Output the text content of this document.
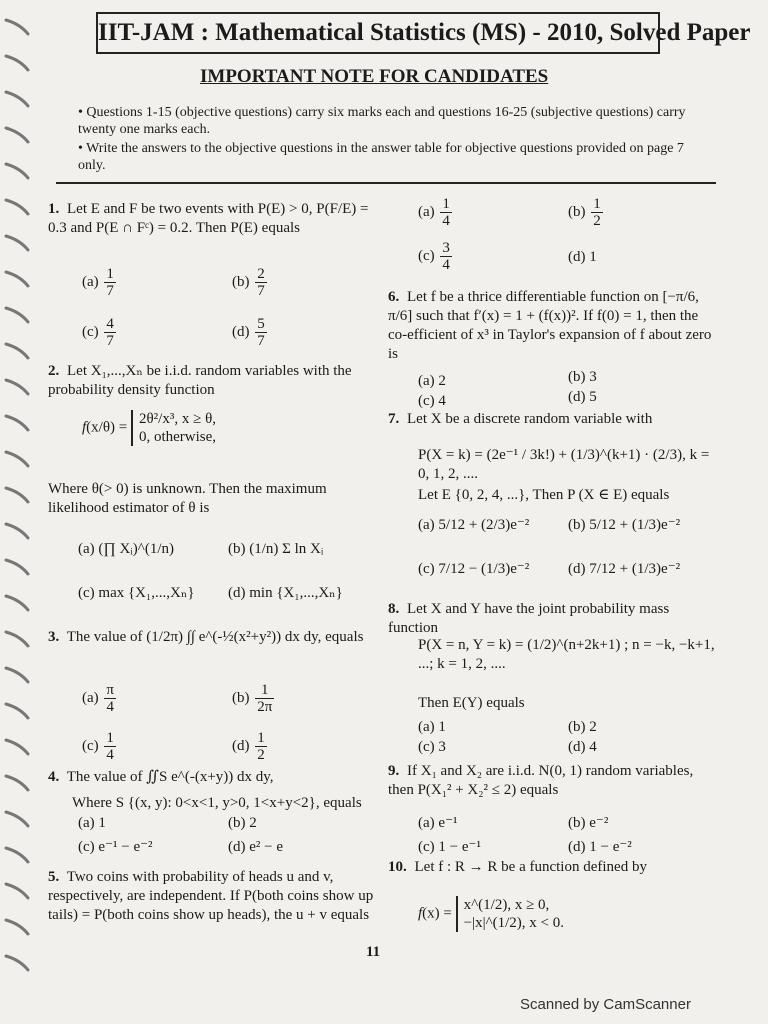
IIT-JAM : Mathematical Statistics (MS) - 2010, Solved Paper
IMPORTANT NOTE FOR CANDIDATES
• Questions 1-15 (objective questions) carry six marks each and questions 16-25 (subjective questions) carry twenty one marks each.
• Write the answers to the objective questions in the answer table for objective questions provided on page 7 only.
1. Let E and F be two events with P(E) > 0, P(F/E) = 0.3 and P(E ∩ Fᶜ) = 0.2. Then P(E) equals
$(a) \frac{1}{7}$	$(b) \frac{2}{7}$
$(c) \frac{4}{7}$	$(d) \frac{5}{7}$
2. Let X₁,...,Xₙ be i.i.d. random variables with the probability density function
f(x/θ) =
2θ²/x³, x ≥ θ,
0, otherwise,
Where θ(> 0) is unknown. Then the maximum likelihood estimator of θ is
(a) (∏ Xᵢ)^(1/n)	(b) (1/n) Σ ln Xᵢ
(c) max {X₁,...,Xₙ} (d) min {X₁,...,Xₙ}
3. The value of (1/2π) ∫∫ e^(-½(x²+y²)) dx dy, equals
$(a) \frac{\pi}{4}$	$(b) \frac{1}{2\pi}$
$(c) \frac{1}{4}$	$(d) \frac{1}{2}$
4. The value of ∬S e^(-(x+y)) dx dy,
Where S {(x, y): 0<x<1, y>0, 1<x+y<2}, equals
(a) 1	(b) 2
(c) e⁻¹ − e⁻²	(d) e² − e
5. Two coins with probability of heads u and v, respectively, are independent. If P(both coins show up tails) = P(both coins show up heads), the u + v equals
$(a) \frac{1}{4}$	$(b) \frac{1}{2}$
$(c) \frac{3}{4}$	(d) 1
6. Let f be a thrice differentiable function on [−π/6, π/6] such that f′(x) = 1 + (f(x))². If f(0) = 1, then the co-efficient of x³ in Taylor's expansion of f about zero is
(a) 2	(b) 3
(c) 4	(d) 5
7. Let X be a discrete random variable with
P(X = k) = (2e⁻¹ / 3k!) + (1/3)^(k+1) · (2/3), k = 0, 1, 2, ....
Let E {0, 2, 4, ...}, Then P (X ∈ E) equals
(a) 5/12 + (2/3)e⁻²	(b) 5/12 + (1/3)e⁻²
(c) 7/12 − (1/3)e⁻²	(d) 7/12 + (1/3)e⁻²
8. Let X and Y have the joint probability mass function
P(X = n, Y = k) = (1/2)^(n+2k+1) ; n = −k, −k+1, ...; k = 1, 2, ....
Then E(Y) equals
(a) 1	(b) 2
(c) 3	(d) 4
9. If X₁ and X₂ are i.i.d. N(0, 1) random variables, then P(X₁² + X₂² ≤ 2) equals
(a) e⁻¹	(b) e⁻²
(c) 1 − e⁻¹	(d) 1 − e⁻²
10. Let f : R → R be a function defined by
f(x) =
x^(1/2), x ≥ 0,
−|x|^(1/2), x < 0.
11
Scanned by CamScanner
